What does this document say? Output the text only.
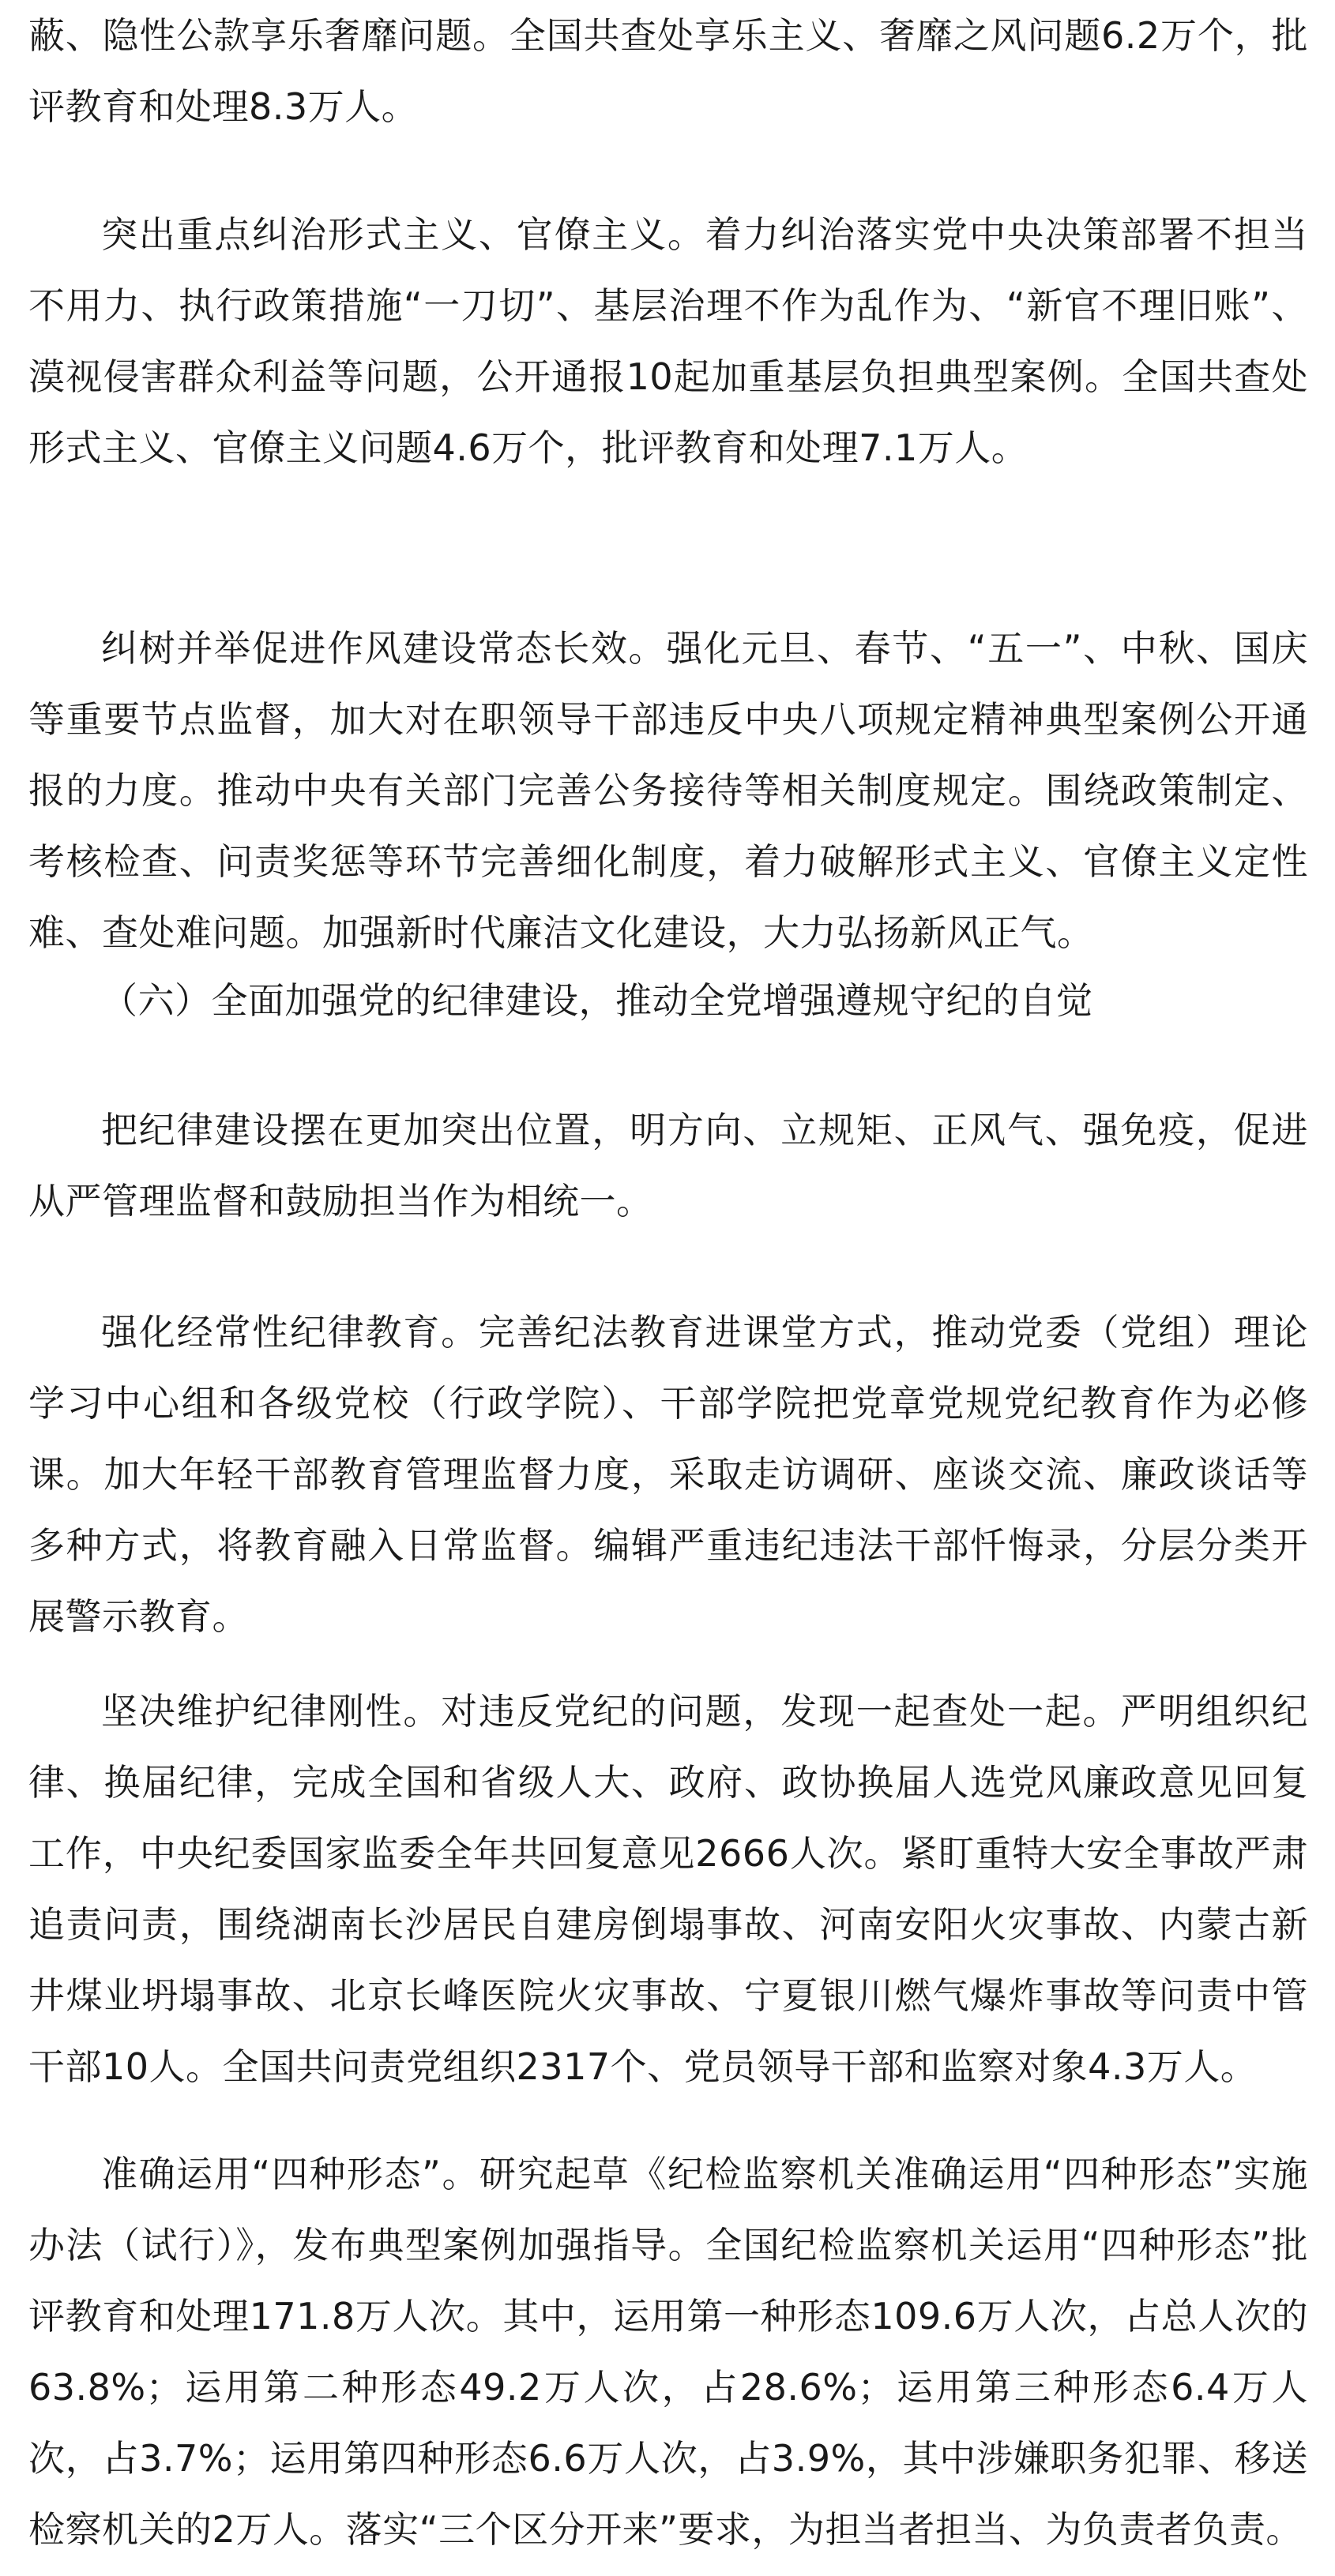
蔽、隐性公款享乐奢靡问题。全国共查处享乐主义、奢靡之风问题6.2万个，批评教育和处理8.3万人。

突出重点纠治形式主义、官僚主义。着力纠治落实党中央决策部署不担当不用力、执行政策措施“一刀切”、基层治理不作为乱作为、“新官不理旧账”、漠视侵害群众利益等问题，公开通报10起加重基层负担典型案例。全国共查处形式主义、官僚主义问题4.6万个，批评教育和处理7.1万人。

纠树并举促进作风建设常态长效。强化元旦、春节、“五一”、中秋、国庆等重要节点监督，加大对在职领导干部违反中央八项规定精神典型案例公开通报的力度。推动中央有关部门完善公务接待等相关制度规定。围绕政策制定、考核检查、问责奖惩等环节完善细化制度，着力破解形式主义、官僚主义定性难、查处难问题。加强新时代廉洁文化建设，大力弘扬新风正气。

（六）全面加强党的纪律建设，推动全党增强遵规守纪的自觉

把纪律建设摆在更加突出位置，明方向、立规矩、正风气、强免疫，促进从严管理监督和鼓励担当作为相统一。

强化经常性纪律教育。完善纪法教育进课堂方式，推动党委（党组）理论学习中心组和各级党校（行政学院）、干部学院把党章党规党纪教育作为必修课。加大年轻干部教育管理监督力度，采取走访调研、座谈交流、廉政谈话等多种方式，将教育融入日常监督。编辑严重违纪违法干部忏悔录，分层分类开展警示教育。

坚决维护纪律刚性。对违反党纪的问题，发现一起查处一起。严明组织纪律、换届纪律，完成全国和省级人大、政府、政协换届人选党风廉政意见回复工作，中央纪委国家监委全年共回复意见2666人次。紧盯重特大安全事故严肃追责问责，围绕湖南长沙居民自建房倒塌事故、河南安阳火灾事故、内蒙古新井煤业坍塌事故、北京长峰医院火灾事故、宁夏银川燃气爆炸事故等问责中管干部10人。全国共问责党组织2317个、党员领导干部和监察对象4.3万人。

准确运用“四种形态”。研究起草《纪检监察机关准确运用“四种形态”实施办法（试行）》，发布典型案例加强指导。全国纪检监察机关运用“四种形态”批评教育和处理171.8万人次。其中，运用第一种形态109.6万人次，占总人次的63.8%；运用第二种形态49.2万人次，占28.6%；运用第三种形态6.4万人次，占3.7%；运用第四种形态6.6万人次，占3.9%，其中涉嫌职务犯罪、移送检察机关的2万人。落实“三个区分开来”要求，为担当者担当、为负责者负责。
